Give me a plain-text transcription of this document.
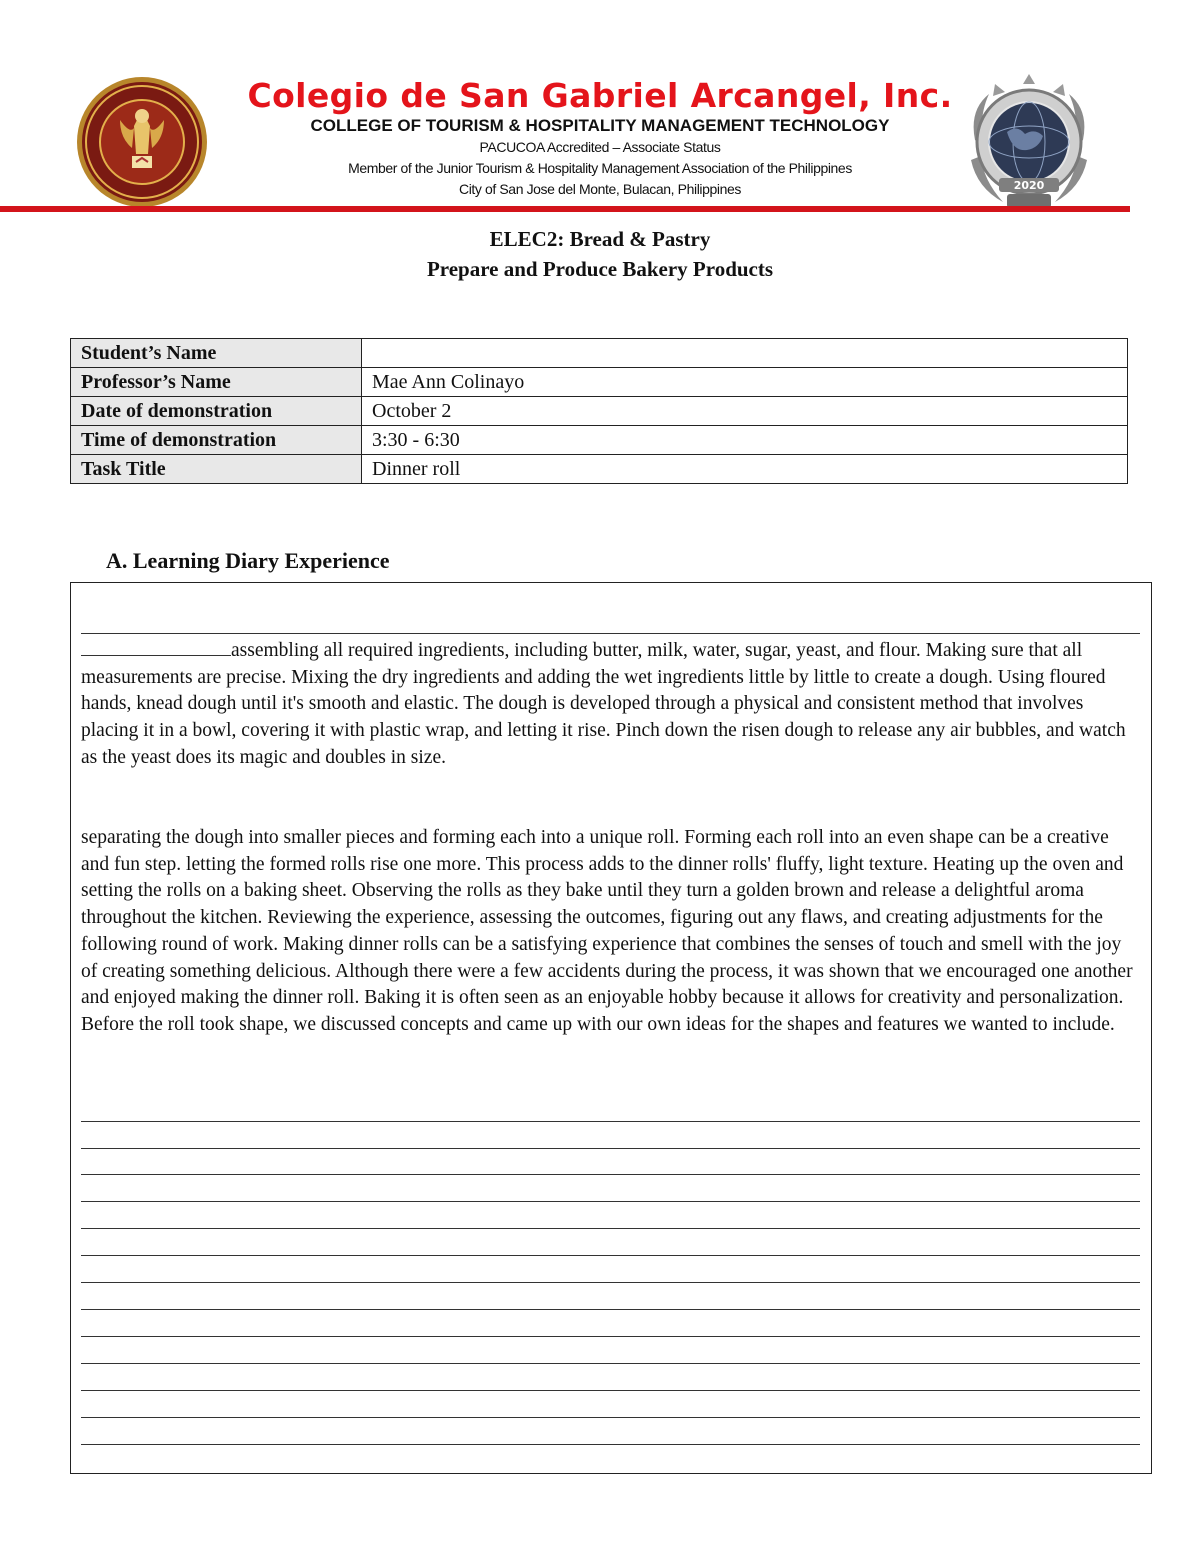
Colegio de San Gabriel Arcangel, Inc.
COLLEGE OF TOURISM & HOSPITALITY MANAGEMENT TECHNOLOGY
PACUCOA Accredited – Associate Status
Member of the Junior Tourism & Hospitality Management Association of the Philippines
City of San Jose del Monte, Bulacan, Philippines	2020
ELEC2: Bread & Pastry
Prepare and Produce Bakery Products
Student’s Name	
Professor’s Name	Mae Ann Colinayo
Date of demonstration	October 2
Time of demonstration	3:30 - 6:30
Task Title	Dinner roll
A. Learning Diary Experience

assembling all required ingredients, including butter, milk, water, sugar, yeast, and flour. Making sure that all measurements are precise. Mixing the dry ingredients and adding the wet ingredients little by little to create a dough. Using floured hands, knead dough until it's smooth and elastic. The dough is developed through a physical and consistent method that involves placing it in a bowl, covering it with plastic wrap, and letting it rise. Pinch down the risen dough to release any air bubbles, and watch as the yeast does its magic and doubles in size.

separating the dough into smaller pieces and forming each into a unique roll. Forming each roll into an even shape can be a creative and fun step. letting the formed rolls rise one more. This process adds to the dinner rolls' fluffy, light texture. Heating up the oven and setting the rolls on a baking sheet. Observing the rolls as they bake until they turn a golden brown and release a delightful aroma throughout the kitchen. Reviewing the experience, assessing the outcomes, figuring out any flaws, and creating adjustments for the following round of work. Making dinner rolls can be a satisfying experience that combines the senses of touch and smell with the joy of creating something delicious. Although there were a few accidents during the process, it was shown that we encouraged one another and enjoyed making the dinner roll. Baking it is often seen as an enjoyable hobby because it allows for creativity and personalization. Before the roll took shape, we discussed concepts and came up with our own ideas for the shapes and features we wanted to include.
